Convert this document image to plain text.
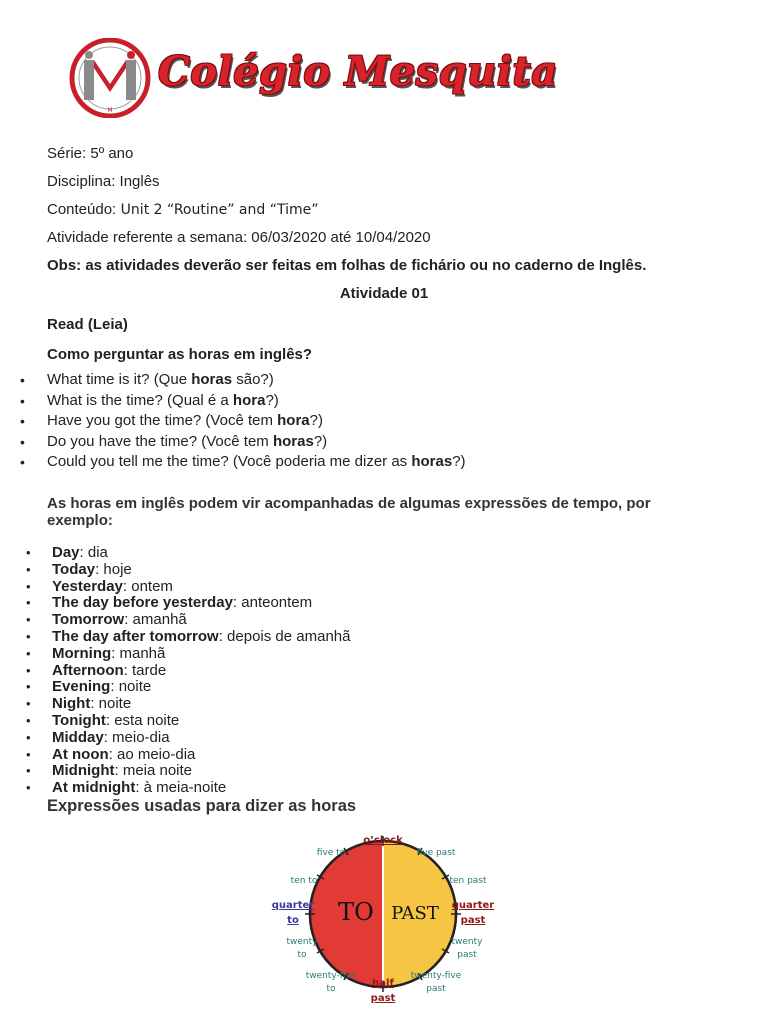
M
Colégio Mesquita
Série: 5º ano
Disciplina: Inglês
Conteúdo: Unit 2 “Routine” and “Time”
Atividade referente a semana: 06/03/2020 até 10/04/2020
Obs: as atividades deverão ser feitas em folhas de fichário ou no caderno de Inglês.
Atividade 01
Read (Leia)
Como perguntar as horas em inglês?
• What time is it? (Que horas são?)
• What is the time? (Qual é a hora?)
• Have you got the time? (Você tem hora?)
• Do you have the time? (Você tem horas?)
• Could you tell me the time? (Você poderia me dizer as horas?)
As horas em inglês podem vir acompanhadas de algumas expressões de tempo, por exemplo:
• Day: dia
• Today: hoje
• Yesterday: ontem
• The day before yesterday: anteontem
• Tomorrow: amanhã
• The day after tomorrow: depois de amanhã
• Morning: manhã
• Afternoon: tarde
• Evening: noite
• Night: noite
• Tonight: esta noite
• Midday: meio-dia
• At noon: ao meio-dia
• Midnight: meia noite
• At midnight: à meia-noite
Expressões usadas para dizer as horas
TO PAST
o’clock
five to	five past
ten to	ten past
quarter
to
quarter
past
twenty
to
twenty
past
twenty-five
to
twenty-five
past
half
past
